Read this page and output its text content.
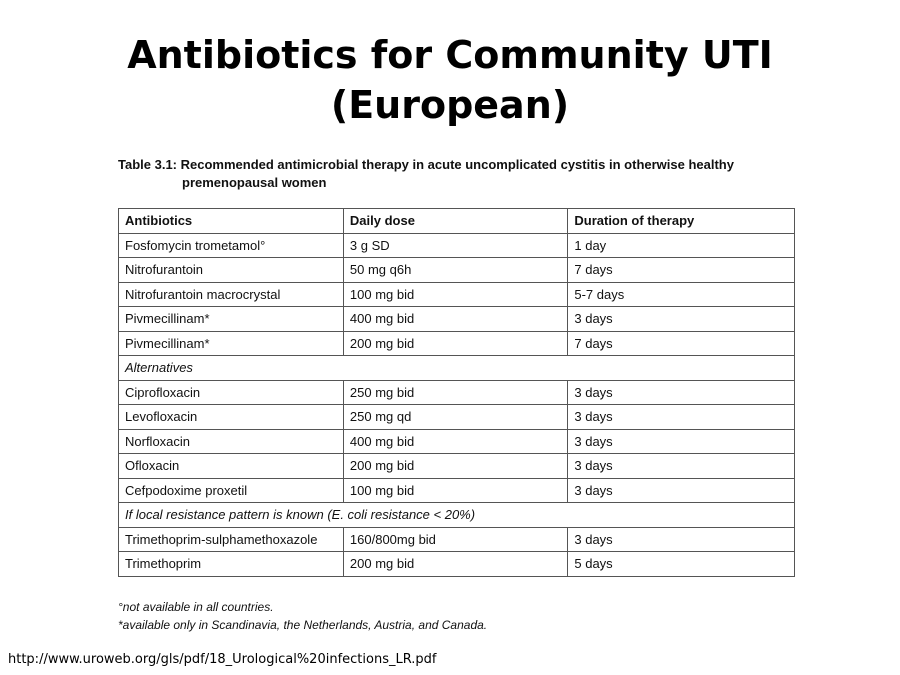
Antibiotics for Community UTI
(European)
Table 3.1: Recommended antimicrobial therapy in acute uncomplicated cystitis in otherwise healthy
premenopausal women
Antibiotics	Daily dose	Duration of therapy
Fosfomycin trometamol°	3 g SD	1 day
Nitrofurantoin	50 mg q6h	7 days
Nitrofurantoin macrocrystal	100 mg bid	5-7 days
Pivmecillinam*	400 mg bid	3 days
Pivmecillinam*	200 mg bid	7 days
Alternatives		
Ciprofloxacin	250 mg bid	3 days
Levofloxacin	250 mg qd	3 days
Norfloxacin	400 mg bid	3 days
Ofloxacin	200 mg bid	3 days
Cefpodoxime proxetil	100 mg bid	3 days
If local resistance pattern is known (E. coli resistance < 20%)		
Trimethoprim-sulphamethoxazole	160/800mg bid	3 days
Trimethoprim	200 mg bid	5 days
°not available in all countries.
*available only in Scandinavia, the Netherlands, Austria, and Canada.
http://www.uroweb.org/gls/pdf/18_Urological%20infections_LR.pdf
